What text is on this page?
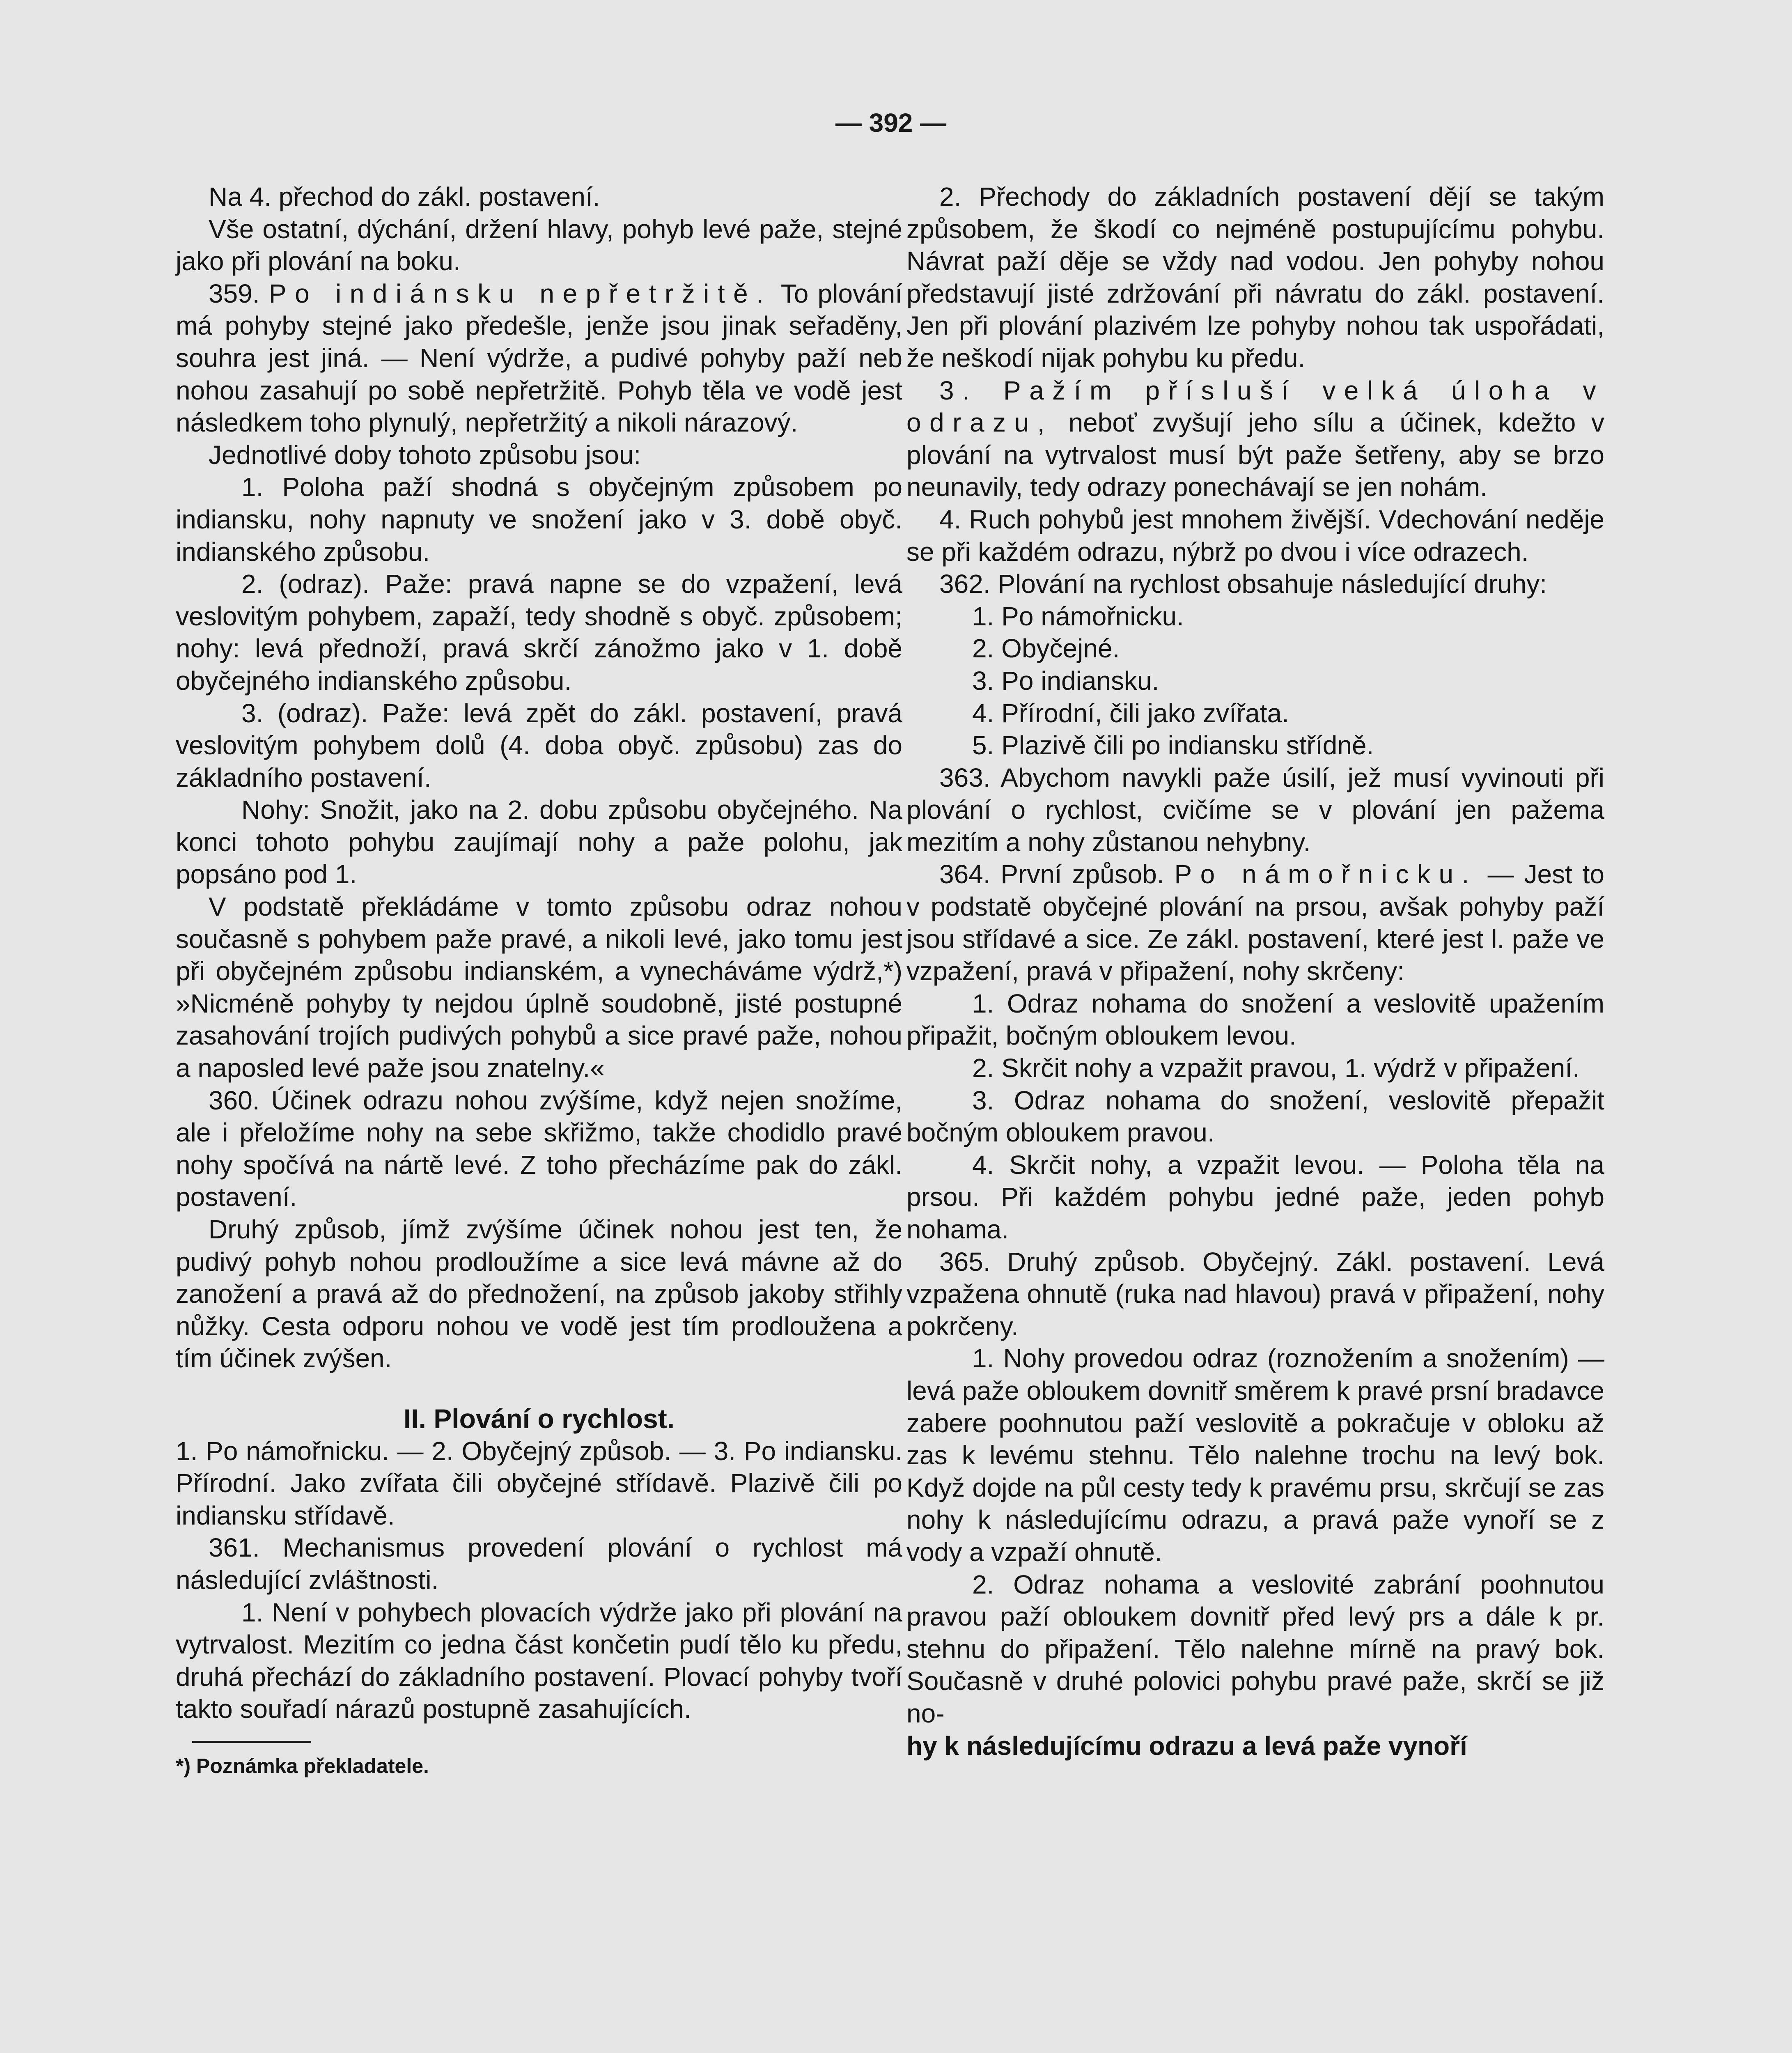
— 392 —

Na 4. přechod do zákl. postavení.

Vše ostatní, dýchání, držení hlavy, pohyb levé paže, stejné jako při plování na boku.

359. Po indiánsku nepřetržitě. To plování má pohyby stejné jako předešle, jenže jsou jinak seřaděny, souhra jest jiná. — Není výdrže, a pudivé pohyby paží neb nohou zasahují po sobě nepřetržitě. Pohyb těla ve vodě jest následkem toho plynulý, nepřetržitý a nikoli nárazový.

Jednotlivé doby tohoto způsobu jsou:

1. Poloha paží shodná s obyčejným způsobem po indiansku, nohy napnuty ve snožení jako v 3. době obyč. indianského způsobu.

2. (odraz). Paže: pravá napne se do vzpažení, levá veslovitým pohybem, zapaží, tedy shodně s obyč. způsobem; nohy: levá přednoží, pravá skrčí zánožmo jako v 1. době obyčejného indianského způsobu.

3. (odraz). Paže: levá zpět do zákl. postavení, pravá veslovitým pohybem dolů (4. doba obyč. způsobu) zas do základního postavení.

Nohy: Snožit, jako na 2. dobu způsobu obyčejného. Na konci tohoto pohybu zaujímají nohy a paže polohu, jak popsáno pod 1.

V podstatě překládáme v tomto způsobu odraz nohou současně s pohybem paže pravé, a nikoli levé, jako tomu jest při obyčejném způsobu indianském, a vynecháváme výdrž,*) »Nicméně pohyby ty nejdou úplně soudobně, jisté postupné zasahování trojích pudivých pohybů a sice pravé paže, nohou a naposled levé paže jsou znatelny.«

360. Účinek odrazu nohou zvýšíme, když nejen snožíme, ale i přeložíme nohy na sebe skřižmo, takže chodidlo pravé nohy spočívá na nártě levé. Z toho přecházíme pak do zákl. postavení.

Druhý způsob, jímž zvýšíme účinek nohou jest ten, že pudivý pohyb nohou prodloužíme a sice levá mávne až do zanožení a pravá až do přednožení, na způsob jakoby střihly nůžky. Cesta odporu nohou ve vodě jest tím prodloužena a tím účinek zvýšen.

II. Plování o rychlost.

1. Po námořnicku. — 2. Obyčejný způsob. — 3. Po indiansku. Přírodní. Jako zvířata čili obyčejné střídavě. Plazivě čili po indiansku střídavě.

361. Mechanismus provedení plování o rychlost má následující zvláštnosti.

1. Není v pohybech plovacích výdrže jako při plování na vytrvalost. Mezitím co jedna část končetin pudí tělo ku předu, druhá přechází do základního postavení. Plovací pohyby tvoří takto souřadí nárazů postupně zasahujících.

*) Poznámka překladatele.

2. Přechody do základních postavení dějí se takým způsobem, že škodí co nejméně postupujícímu pohybu. Návrat paží děje se vždy nad vodou. Jen pohyby nohou představují jisté zdržování při návratu do zákl. postavení. Jen při plování plazivém lze pohyby nohou tak uspořádati, že neškodí nijak pohybu ku předu.

3. Pažím přísluší velká úloha v odrazu, neboť zvyšují jeho sílu a účinek, kdežto v plování na vytrvalost musí být paže šetřeny, aby se brzo neunavily, tedy odrazy ponechávají se jen nohám.

4. Ruch pohybů jest mnohem živější. Vdechování neděje se při každém odrazu, nýbrž po dvou i více odrazech.

362. Plování na rychlost obsahuje následující druhy:

1. Po námořnicku.

2. Obyčejné.

3. Po indiansku.

4. Přírodní, čili jako zvířata.

5. Plazivě čili po indiansku střídně.

363. Abychom navykli paže úsilí, jež musí vyvinouti při plování o rychlost, cvičíme se v plování jen pažema mezitím a nohy zůstanou nehybny.

364. První způsob. Po námořnicku. — Jest to v podstatě obyčejné plování na prsou, avšak pohyby paží jsou střídavé a sice. Ze zákl. postavení, které jest l. paže ve vzpažení, pravá v připažení, nohy skrčeny:

1. Odraz nohama do snožení a veslovitě upažením připažit, bočným obloukem levou.

2. Skrčit nohy a vzpažit pravou, 1. výdrž v připažení.

3. Odraz nohama do snožení, veslovitě přepažit bočným obloukem pravou.

4. Skrčit nohy, a vzpažit levou. — Poloha těla na prsou. Při každém pohybu jedné paže, jeden pohyb nohama.

365. Druhý způsob. Obyčejný. Zákl. postavení. Levá vzpažena ohnutě (ruka nad hlavou) pravá v připažení, nohy pokrčeny.

1. Nohy provedou odraz (roznožením a snožením) — levá paže obloukem dovnitř směrem k pravé prsní bradavce zabere poohnutou paží veslovitě a pokračuje v obloku až zas k levému stehnu. Tělo nalehne trochu na levý bok. Když dojde na půl cesty tedy k pravému prsu, skrčují se zas nohy k následujícímu odrazu, a pravá paže vynoří se z vody a vzpaží ohnutě.

2. Odraz nohama a veslovité zabrání poohnutou pravou paží obloukem dovnitř před levý prs a dále k pr. stehnu do připažení. Tělo nalehne mírně na pravý bok. Současně v druhé polovici pohybu pravé paže, skrčí se již no-

hy k následujícímu odrazu a levá paže vynoří
